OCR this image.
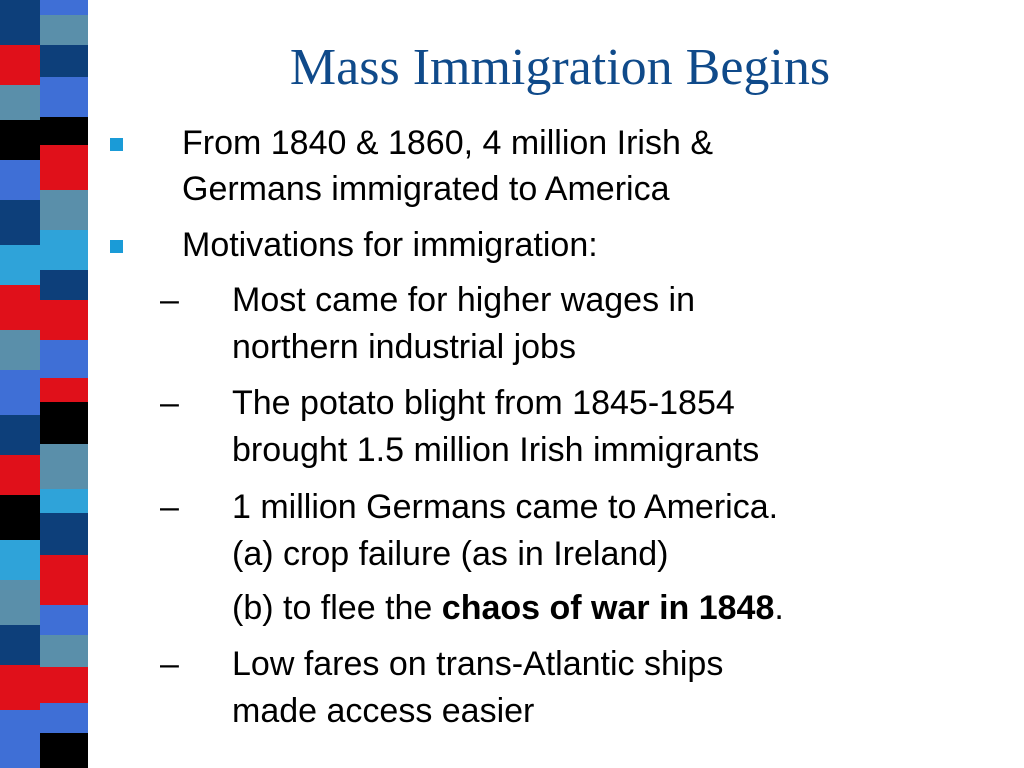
Mass Immigration Begins
From 1840 & 1860, 4 million Irish &
Germans immigrated to America
Motivations for immigration:
– Most came for higher wages in
northern industrial jobs
– The potato blight from 1845-1854
brought 1.5 million Irish immigrants
– 1 million Germans came to America.
(a) crop failure (as in Ireland)
(b) to flee the chaos of war in 1848.
– Low fares on trans-Atlantic ships
made access easier
